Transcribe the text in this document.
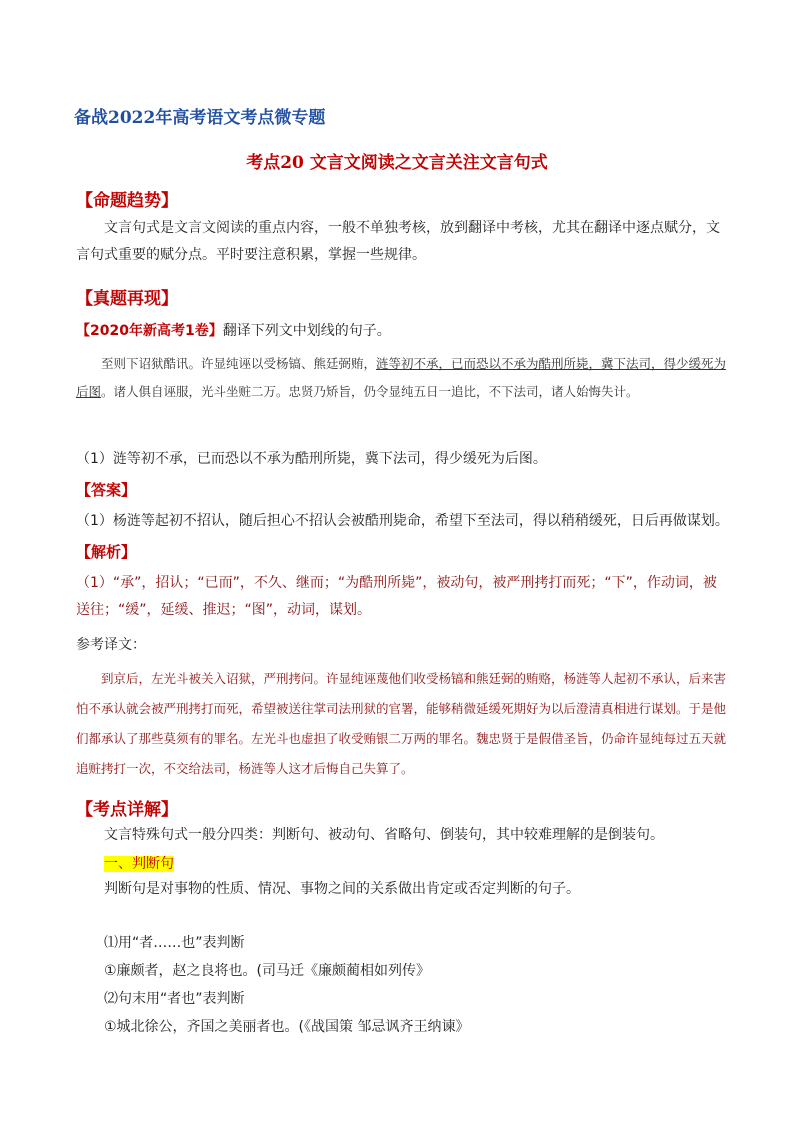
备战2022年高考语文考点微专题
考点20 文言文阅读之文言关注文言句式
【命题趋势】
文言句式是文言文阅读的重点内容，一般不单独考核，放到翻译中考核，尤其在翻译中逐点赋分，文言句式重要的赋分点。平时要注意积累，掌握一些规律。
【真题再现】
【2020年新高考1卷】翻译下列文中划线的句子。
至则下诏狱酷讯。许显纯诬以受杨镐、熊廷弼贿，涟等初不承，已而恐以不承为酷刑所毙，冀下法司，得少缓死为后图。诸人俱自诬服，光斗坐赃二万。忠贤乃矫旨，仍令显纯五日一追比，不下法司，诸人始悔失计。
（1）涟等初不承，已而恐以不承为酷刑所毙，冀下法司，得少缓死为后图。
【答案】
（1）杨涟等起初不招认，随后担心不招认会被酷刑毙命，希望下至法司，得以稍稍缓死，日后再做谋划。
【解析】
（1）“承”，招认；“已而”，不久、继而；“为酷刑所毙”，被动句，被严刑拷打而死；“下”，作动词，被送往；“缓”，延缓、推迟；“图”，动词，谋划。
参考译文：
到京后，左光斗被关入诏狱，严刑拷问。许显纯诬蔑他们收受杨镐和熊廷弼的贿赂，杨涟等人起初不承认，后来害怕不承认就会被严刑拷打而死，希望被送往掌司法刑狱的官署，能够稍微延缓死期好为以后澄清真相进行谋划。于是他们都承认了那些莫须有的罪名。左光斗也虚担了收受贿银二万两的罪名。魏忠贤于是假借圣旨，仍命许显纯每过五天就追赃拷打一次，不交给法司，杨涟等人这才后悔自己失算了。
【考点详解】
文言特殊句式一般分四类：判断句、被动句、省略句、倒装句，其中较难理解的是倒装句。
一、判断句
判断句是对事物的性质、情况、事物之间的关系做出肯定或否定判断的句子。
⑴用“者……也”表判断
①廉颇者，赵之良将也。(司马迁《廉颇蔺相如列传》
⑵句末用“者也”表判断
①城北徐公，齐国之美丽者也。(《战国策 邹忌讽齐王纳谏》
